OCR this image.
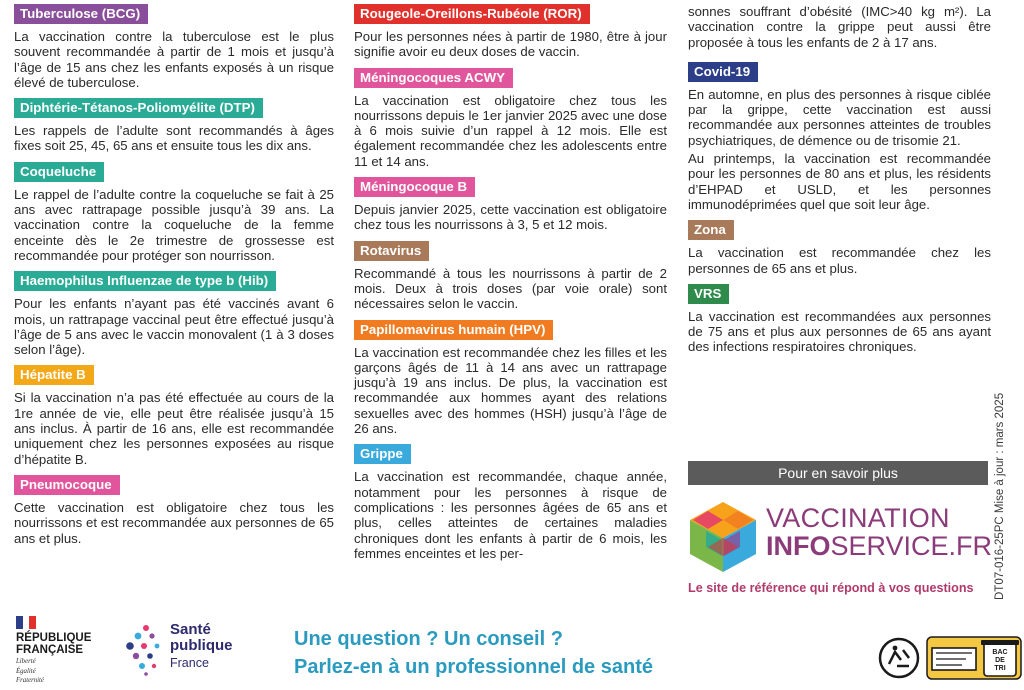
Tuberculose (BCG)

La vaccination contre la tuberculose est le plus souvent recommandée à partir de 1 mois et jusqu’à l’âge de 15 ans chez les enfants exposés à un risque élevé de tuberculose.

Diphtérie-Tétanos-Poliomyélite (DTP)

Les rappels de l’adulte sont recommandés à âges fixes soit 25, 45, 65 ans et ensuite tous les dix ans.

Coqueluche

Le rappel de l’adulte contre la coqueluche se fait à 25 ans avec rattrapage possible jusqu’à 39 ans. La vaccination contre la coqueluche de la femme enceinte dès le 2e trimestre de grossesse est recommandée pour protéger son nourrisson.

Haemophilus Influenzae de type b (Hib)

Pour les enfants n’ayant pas été vaccinés avant 6 mois, un rattrapage vaccinal peut être effectué jusqu’à l’âge de 5 ans avec le vaccin monovalent (1 à 3 doses selon l’âge).

Hépatite B

Si la vaccination n’a pas été effectuée au cours de la 1re année de vie, elle peut être réalisée jusqu’à 15 ans inclus. À partir de 16 ans, elle est recommandée uniquement chez les personnes exposées au risque d’hépatite B.

Pneumocoque

Cette vaccination est obligatoire chez tous les nourrissons et est recommandée aux personnes de 65 ans et plus.

Rougeole-Oreillons-Rubéole (ROR)

Pour les personnes nées à partir de 1980, être à jour signifie avoir eu deux doses de vaccin.

Méningocoques ACWY

La vaccination est obligatoire chez tous les nourrissons depuis le 1er janvier 2025 avec une dose à 6 mois suivie d’un rappel à 12 mois. Elle est également recommandée chez les adolescents entre 11 et 14 ans.

Méningocoque B

Depuis janvier 2025, cette vaccination est obligatoire chez tous les nourrissons à 3, 5 et 12 mois.

Rotavirus

Recommandé à tous les nourrissons à partir de 2 mois. Deux à trois doses (par voie orale) sont nécessaires selon le vaccin.

Papillomavirus humain (HPV)

La vaccination est recommandée chez les filles et les garçons âgés de 11 à 14 ans avec un rattrapage jusqu’à 19 ans inclus. De plus, la vaccination est recommandée aux hommes ayant des relations sexuelles avec des hommes (HSH) jusqu’à l’âge de 26 ans.

Grippe

La vaccination est recommandée, chaque année, notamment pour les personnes à risque de complications : les personnes âgées de 65 ans et plus, celles atteintes de certaines maladies chroniques dont les enfants à partir de 6 mois, les femmes enceintes et les per-

sonnes souffrant d’obésité (IMC>40 kg m²). La vaccination contre la grippe peut aussi être proposée à tous les enfants de 2 à 17 ans.

Covid-19

En automne, en plus des personnes à risque ciblée par la grippe, cette vaccination est aussi recommandée aux personnes atteintes de troubles psychiatriques, de démence ou de trisomie 21.

Au printemps, la vaccination est recommandée pour les personnes de 80 ans et plus, les résidents d’EHPAD et USLD, et les personnes immunodéprimées quel que soit leur âge.

Zona

La vaccination est recommandée chez les personnes de 65 ans et plus.

VRS

La vaccination est recommandées aux personnes de 75 ans et plus aux personnes de 65 ans ayant des infections respiratoires chroniques.

Pour en savoir plus
VACCINATION
INFOSERVICE.FR
Le site de référence qui répond à vos questions DT07-016-25PC Mise à jour : mars 2025
RÉPUBLIQUE
FRANÇAISE
Liberté
Égalité
Fraternité
Santé
publique
France
Une question ? Un conseil ?
Parlez-en à un professionnel de santé
BAC
DE
TRI
